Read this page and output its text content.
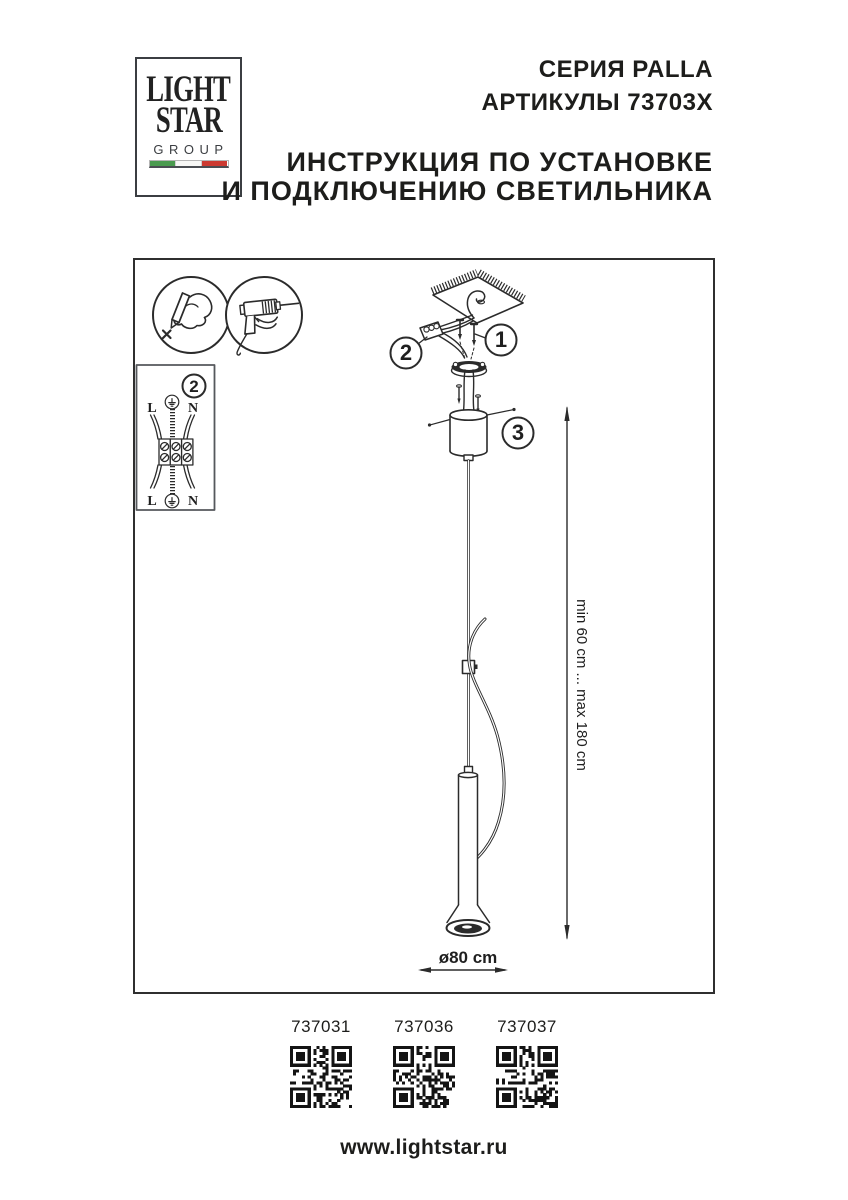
LIGHT
STAR
GROUP
СЕРИЯ PALLA
АРТИКУЛЫ 73703X
ИНСТРУКЦИЯ ПО УСТАНОВКЕ
И ПОДКЛЮЧЕНИЮ СВЕТИЛЬНИКА
2
L N
L N
2
1
3
ø80 cm
min 60 cm ... max 180 cm
737031	737036	737037
www.lightstar.ru
